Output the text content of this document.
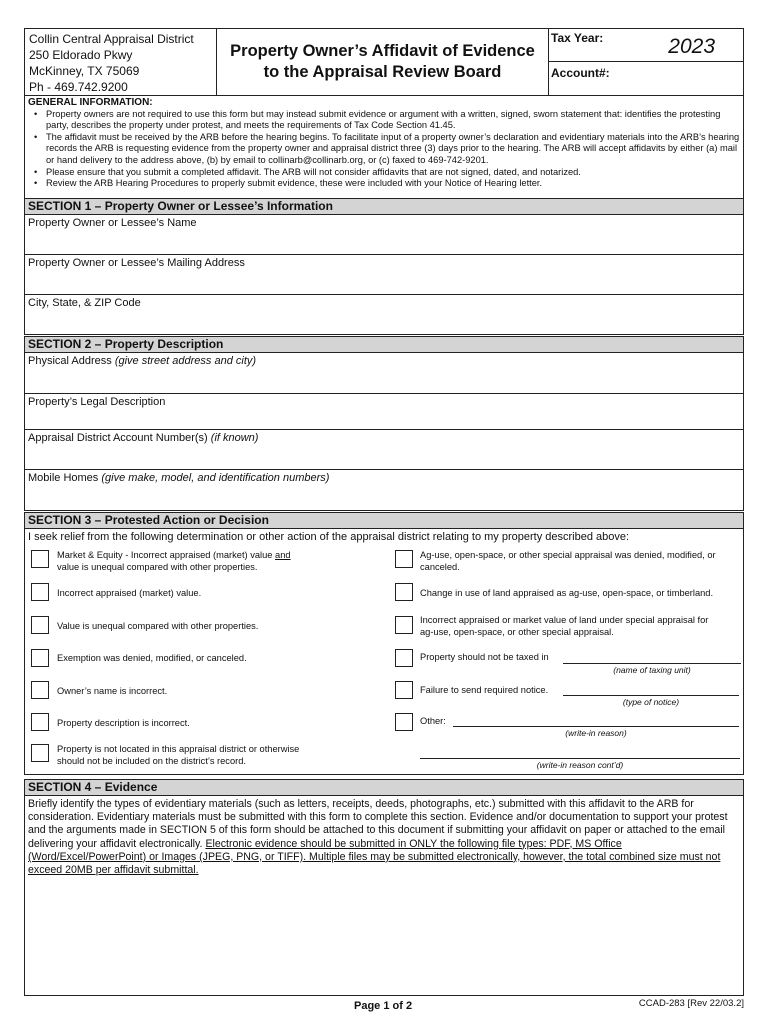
Collin Central Appraisal District
250 Eldorado Pkwy
McKinney, TX 75069
Ph - 469.742.9200
Property Owner’s Affidavit of Evidence
to the Appraisal Review Board
Tax Year:	2023
Account#:
GENERAL INFORMATION:
• Property owners are not required to use this form but may instead submit evidence or argument with a written, signed, sworn statement that: identifies the protesting party, describes the property under protest, and meets the requirements of Tax Code Section 41.45.
• The affidavit must be received by the ARB before the hearing begins. To facilitate input of a property owner’s declaration and evidentiary materials into the ARB’s hearing records the ARB is requesting evidence from the property owner and appraisal district three (3) days prior to the hearing. The ARB will accept affidavits by either (a) mail or hand delivery to the address above, (b) by email to collinarb@collinarb.org, or (c) faxed to 469-742-9201.
• Please ensure that you submit a completed affidavit. The ARB will not consider affidavits that are not signed, dated, and notarized.
• Review the ARB Hearing Procedures to properly submit evidence, these were included with your Notice of Hearing letter.
SECTION 1 – Property Owner or Lessee’s Information
Property Owner or Lessee’s Name
Property Owner or Lessee’s Mailing Address
City, State, & ZIP Code
SECTION 2 – Property Description
Physical Address (give street address and city)
Property’s Legal Description
Appraisal District Account Number(s) (if known)
Mobile Homes (give make, model, and identification numbers)
SECTION 3 – Protested Action or Decision
I seek relief from the following determination or other action of the appraisal district relating to my property described above:
Market & Equity - Incorrect appraised (market) value and
value is unequal compared with other properties.
Incorrect appraised (market) value.
Value is unequal compared with other properties.
Exemption was denied, modified, or canceled.
Owner’s name is incorrect.
Property description is incorrect.
Property is not located in this appraisal district or otherwise
should not be included on the district’s record.
Ag-use, open-space, or other special appraisal was denied, modified, or
canceled.
Change in use of land appraised as ag-use, open-space, or timberland.
Incorrect appraised or market value of land under special appraisal for
ag-use, open-space, or other special appraisal.
Property should not be taxed in
(name of taxing unit)
Failure to send required notice.
(type of notice)
Other:
(write-in reason)
(write-in reason cont’d)
SECTION 4 – Evidence
Briefly identify the types of evidentiary materials (such as letters, receipts, deeds, photographs, etc.) submitted with this affidavit to the ARB for consideration. Evidentiary materials must be submitted with this form to complete this section. Evidence and/or documentation to support your protest and the arguments made in SECTION 5 of this form should be attached to this document if submitting your affidavit on paper or attached to the email delivering your affidavit electronically. Electronic evidence should be submitted in ONLY the following file types: PDF, MS Office (Word/Excel/PowerPoint) or Images (JPEG, PNG, or TIFF). Multiple files may be submitted electronically, however, the total combined size must not exceed 20MB per affidavit submittal.
Page 1 of 2	CCAD-283 [Rev 22/03.2]
